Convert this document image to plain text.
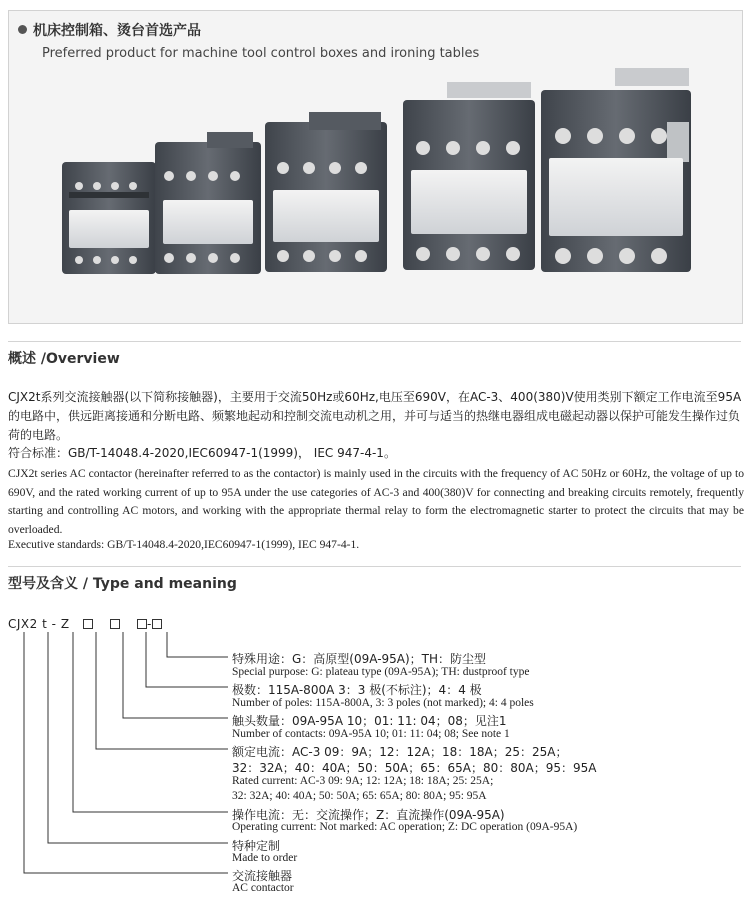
机床控制箱、烫台首选产品
Preferred product for machine tool control boxes and ironing tables
概述 /Overview
CJX2t系列交流接触器(以下简称接触器)，主要用于交流50Hz或60Hz,电压至690V，在AC-3、400(380)V使用类别下额定工作电流至95A的电路中，供远距离接通和分断电路、频繁地起动和控制交流电动机之用，并可与适当的热继电器组成电磁起动器以保护可能发生操作过负荷的电路。
符合标准：GB/T-14048.4-2020,IEC60947-1(1999)， IEC 947-4-1。
CJX2t series AC contactor (hereinafter referred to as the contactor) is mainly used in the circuits with the frequency of AC 50Hz or 60Hz, the voltage of up to 690V, and the rated working current of up to 95A under the use categories of AC-3 and 400(380)V for connecting and breaking circuits remotely, frequently starting and controlling AC motors, and working with the appropriate thermal relay to form the electromagnetic starter to protect the circuits that may be overloaded.
Executive standards: GB/T-14048.4-2020,IEC60947-1(1999), IEC 947-4-1.
型号及含义 / Type and meaning
CJX2 t - Z	-
特殊用途：G：高原型(09A-95A)；TH：防尘型
Special purpose: G: plateau type (09A-95A); TH: dustproof type
极数：115A-800A 3：3 极(不标注)；4：4 极
Number of poles: 115A-800A, 3: 3 poles (not marked); 4: 4 poles
触头数量：09A-95A 10；01: 11: 04；08；见注1
Number of contacts: 09A-95A 10; 01: 11: 04; 08; See note 1
额定电流：AC-3 09：9A；12：12A；18：18A；25：25A；
32：32A；40：40A；50：50A；65：65A；80：80A；95：95A
Rated current: AC-3 09: 9A; 12: 12A; 18: 18A; 25: 25A;
32: 32A; 40: 40A; 50: 50A; 65: 65A; 80: 80A; 95: 95A
操作电流：无：交流操作；Z：直流操作(09A-95A)
Operating current: Not marked: AC operation; Z: DC operation (09A-95A)
特种定制
Made to order
交流接触器
AC contactor
